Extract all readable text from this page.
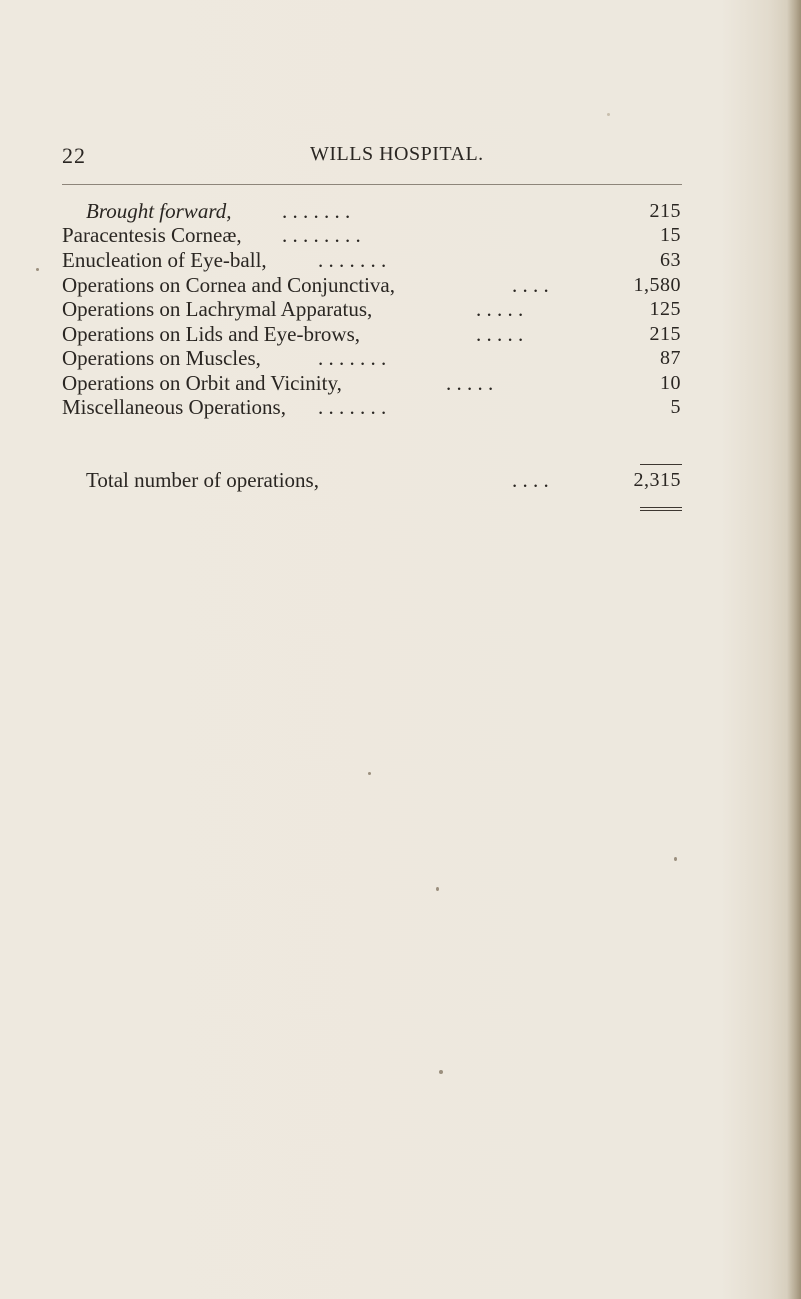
22	WILLS HOSPITAL.
Brought forward, . . . . . . .	215
Paracentesis Corneæ, . . . . . . . .	15
Enucleation of Eye-ball, . . . . . . .	63
Operations on Cornea and Conjunctiva,	. . . .	1,580
Operations on Lachrymal Apparatus,	. . . . .	125
Operations on Lids and Eye-brows,	. . . . .	215
Operations on Muscles,	. . . . . . .	87
Operations on Orbit and Vicinity,	. . . . .	10
Miscellaneous Operations, . . . . . . .	5
Total number of operations,	. . . .	2,315
